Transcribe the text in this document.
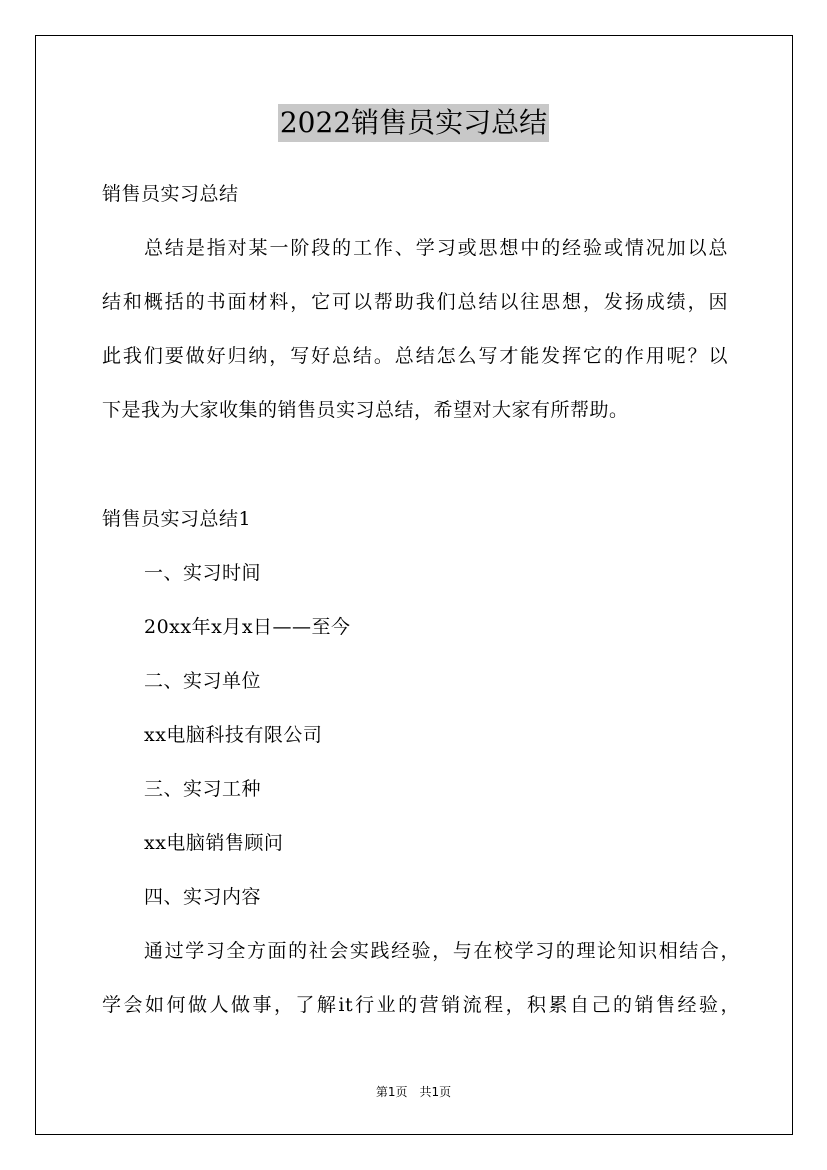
2022销售员实习总结
销售员实习总结
总结是指对某一阶段的工作、学习或思想中的经验或情况加以总
结和概括的书面材料，它可以帮助我们总结以往思想，发扬成绩，因
此我们要做好归纳，写好总结。总结怎么写才能发挥它的作用呢？以
下是我为大家收集的销售员实习总结，希望对大家有所帮助。
销售员实习总结1
一、实习时间
20xx年x月x日——至今
二、实习单位
xx电脑科技有限公司
三、实习工种
xx电脑销售顾问
四、实习内容
通过学习全方面的社会实践经验，与在校学习的理论知识相结合，
学会如何做人做事，了解it行业的营销流程，积累自己的销售经验，
第1页　共1页
